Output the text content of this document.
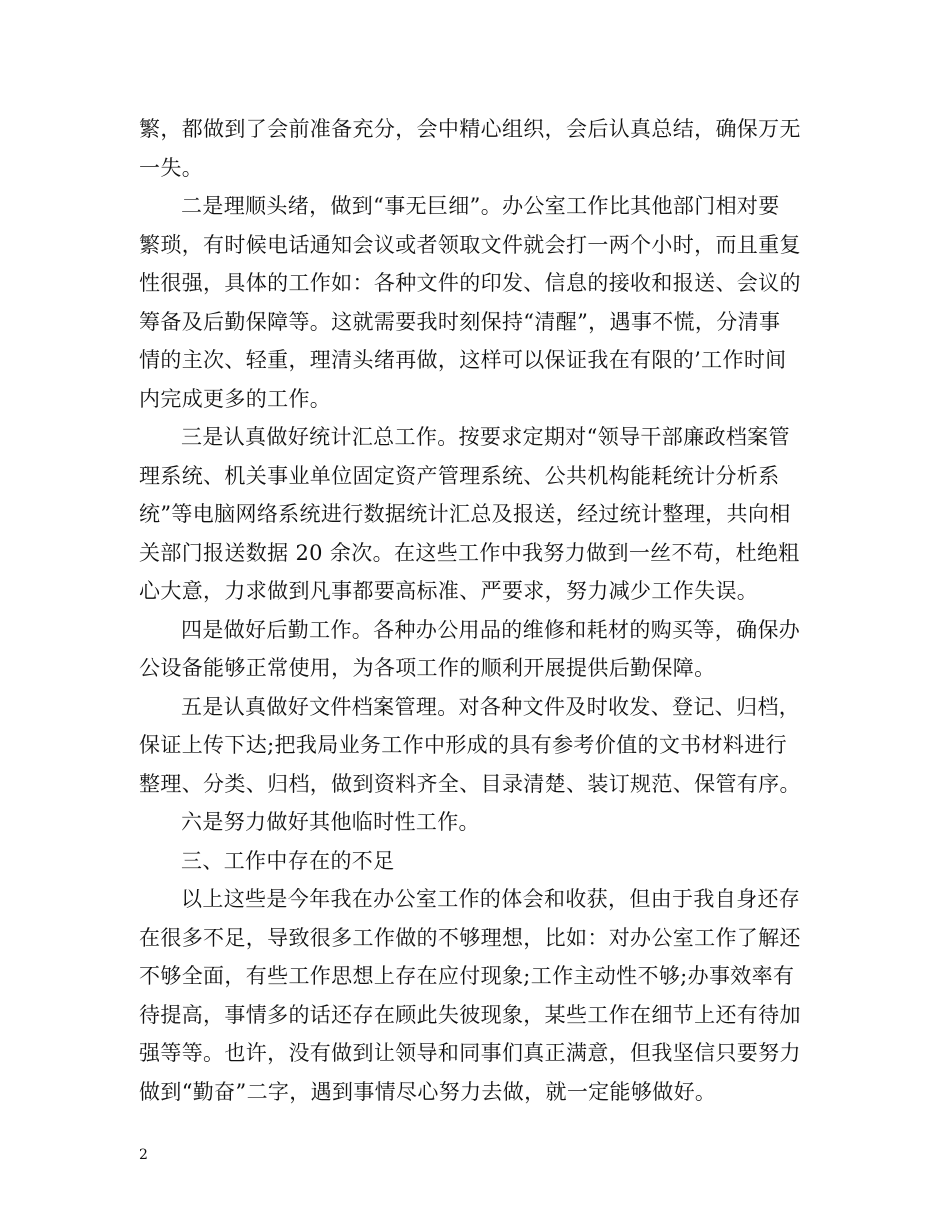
繁，都做到了会前准备充分，会中精心组织，会后认真总结，确保万无
一失。
二是理顺头绪，做到“事无巨细”。办公室工作比其他部门相对要
繁琐，有时候电话通知会议或者领取文件就会打一两个小时，而且重复
性很强，具体的工作如：各种文件的印发、信息的接收和报送、会议的
筹备及后勤保障等。这就需要我时刻保持“清醒”，遇事不慌，分清事
情的主次、轻重，理清头绪再做，这样可以保证我在有限的’工作时间
内完成更多的工作。
三是认真做好统计汇总工作。按要求定期对“领导干部廉政档案管
理系统、机关事业单位固定资产管理系统、公共机构能耗统计分析系
统”等电脑网络系统进行数据统计汇总及报送，经过统计整理，共向相
关部门报送数据 20 余次。在这些工作中我努力做到一丝不苟，杜绝粗
心大意，力求做到凡事都要高标准、严要求，努力减少工作失误。
四是做好后勤工作。各种办公用品的维修和耗材的购买等，确保办
公设备能够正常使用，为各项工作的顺利开展提供后勤保障。
五是认真做好文件档案管理。对各种文件及时收发、登记、归档，
保证上传下达;把我局业务工作中形成的具有参考价值的文书材料进行
整理、分类、归档，做到资料齐全、目录清楚、装订规范、保管有序。
六是努力做好其他临时性工作。
三、工作中存在的不足
以上这些是今年我在办公室工作的体会和收获，但由于我自身还存
在很多不足，导致很多工作做的不够理想，比如：对办公室工作了解还
不够全面，有些工作思想上存在应付现象;工作主动性不够;办事效率有
待提高，事情多的话还存在顾此失彼现象，某些工作在细节上还有待加
强等等。也许，没有做到让领导和同事们真正满意，但我坚信只要努力
做到“勤奋”二字，遇到事情尽心努力去做，就一定能够做好。
2
